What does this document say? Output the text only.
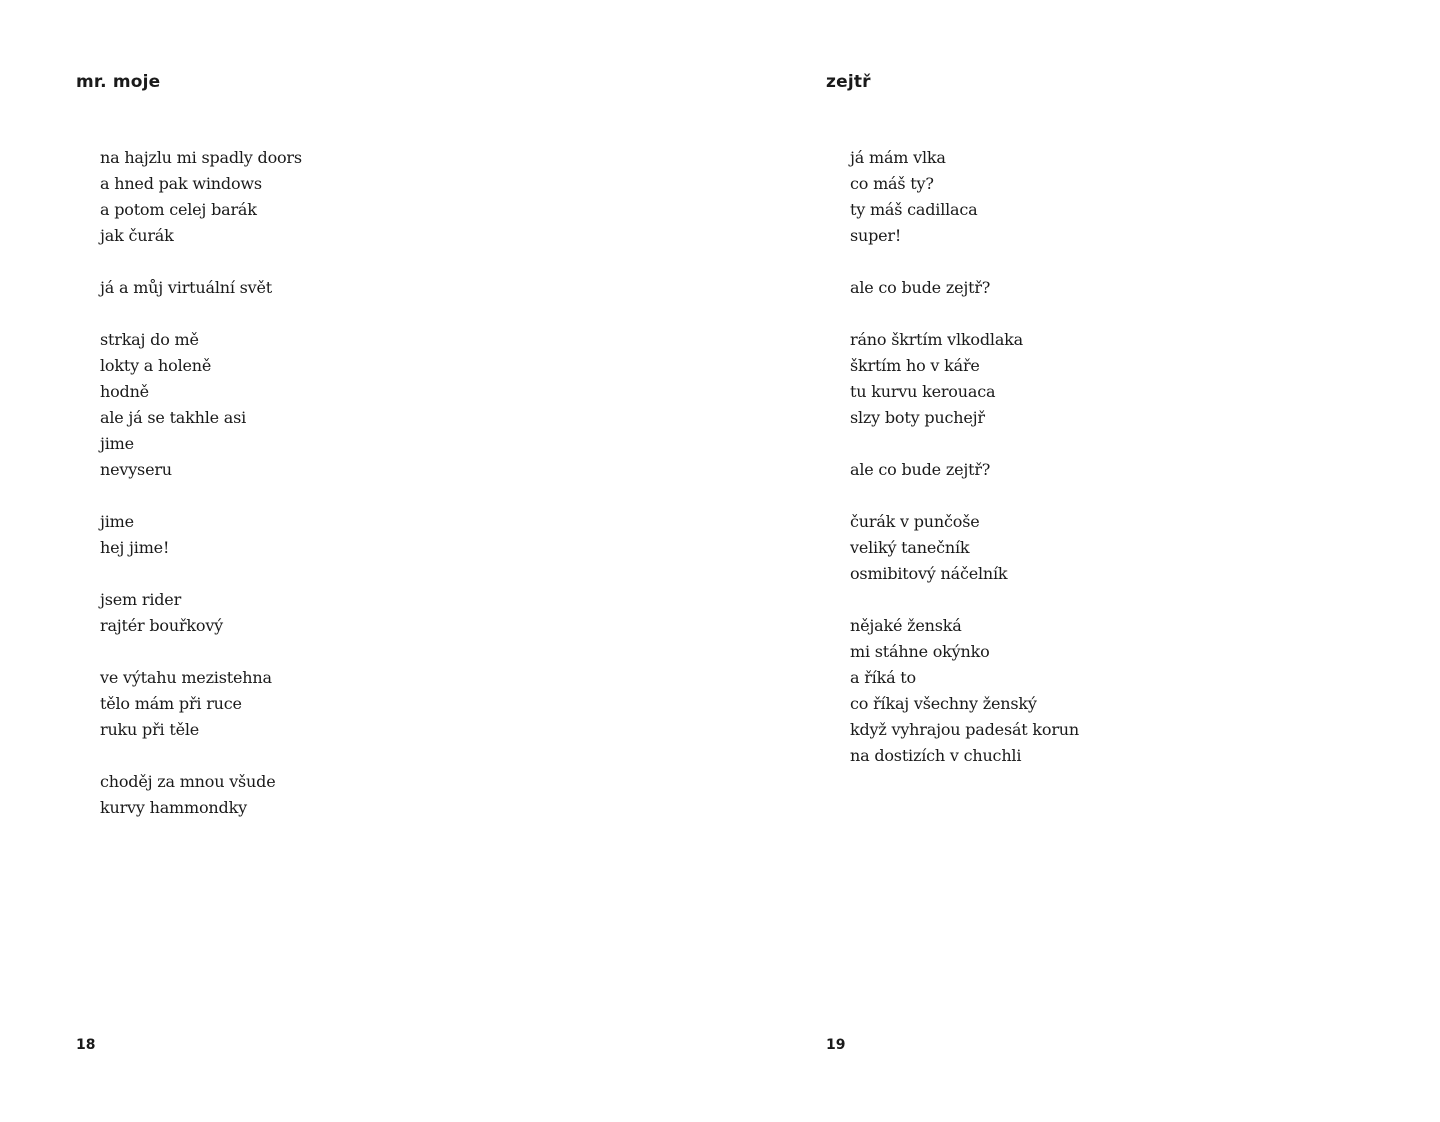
mr. moje

na hajzlu mi spadly doors
a hned pak windows
a potom celej barák
jak čurák

já a můj virtuální svět

strkaj do mě
lokty a holeně
hodně
ale já se takhle asi
jime
nevyseru

jime
hej jime!

jsem rider
rajtér bouřkový

ve výtahu mezistehna
tělo mám při ruce
ruku při těle

choděj za mnou všude
kurvy hammondky

18
zejtř

já mám vlka
co máš ty?
ty máš cadillaca
super!

ale co bude zejtř?

ráno škrtím vlkodlaka
škrtím ho v káře
tu kurvu kerouaca
slzy boty puchejř

ale co bude zejtř?

čurák v punčoše
veliký tanečník
osmibitový náčelník

nějaké ženská
mi stáhne okýnko
a říká to
co říkaj všechny ženský
když vyhrajou padesát korun
na dostizích v chuchli

19
